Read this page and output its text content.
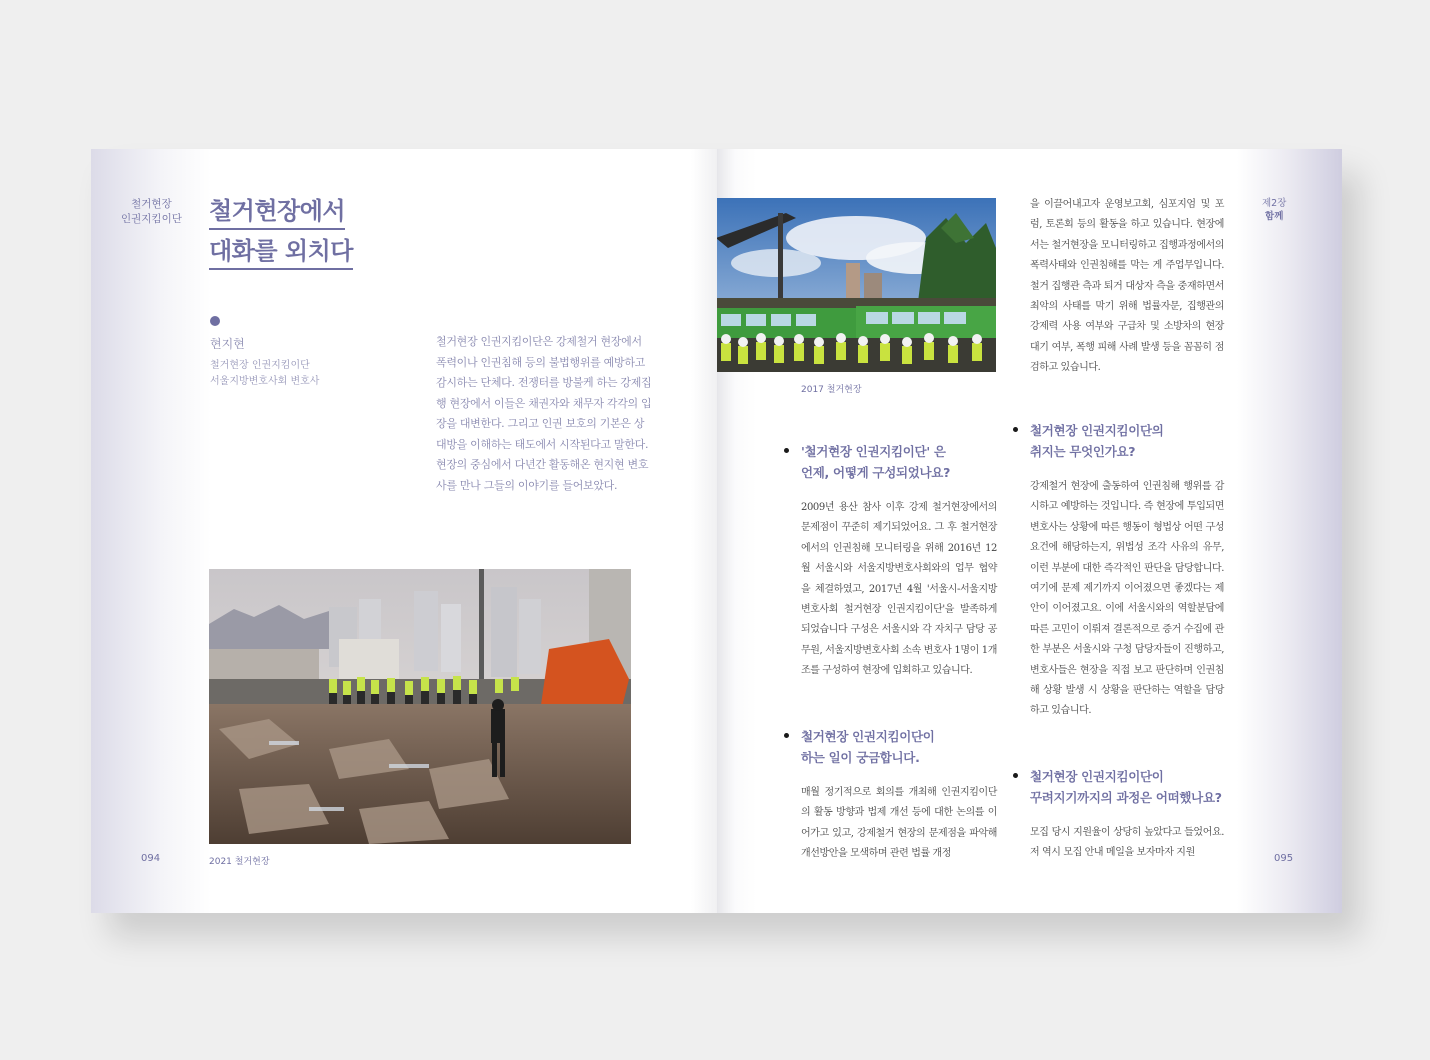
철거현장
인권지킴이단 철거현장에서
대화를 외치다
현지현
철거현장 인권지킴이단
서울지방변호사회 변호사

철거현장 인권지킴이단은 강제철거 현장에서 폭력이나 인권침해 등의 불법행위를 예방하고 감시하는 단체다. 전쟁터를 방불케 하는 강제집행 현장에서 이들은 채권자와 채무자 각각의 입장을 대변한다. 그리고 인권 보호의 기본은 상대방을 이해하는 태도에서 시작된다고 말한다. 현장의 중심에서 다년간 활동해온 현지현 변호사를 만나 그들의 이야기를 들어보았다.

2021 철거현장
094
2017 철거현장

을 이끌어내고자 운영보고회, 심포지엄 및 포럼, 토론회 등의 활동을 하고 있습니다. 현장에서는 철거현장을 모니터링하고 집행과정에서의 폭력사태와 인권침해를 막는 게 주업무입니다. 철거 집행관 측과 퇴거 대상자 측을 중재하면서 최악의 사태를 막기 위해 법률자문, 집행관의 강제력 사용 여부와 구급차 및 소방차의 현장 대기 여부, 폭행 피해 사례 발생 등을 꼼꼼히 점검하고 있습니다.

'철거현장 인권지킴이단' 은
언제, 어떻게 구성되었나요?

2009년 용산 참사 이후 강제 철거현장에서의 문제점이 꾸준히 제기되었어요. 그 후 철거현장에서의 인권침해 모니터링을 위해 2016년 12월 서울시와 서울지방변호사회와의 업무 협약을 체결하였고, 2017년 4월 '서울시-서울지방변호사회 철거현장 인권지킴이단'을 발족하게 되었습니다 구성은 서울시와 각 자치구 담당 공무원, 서울지방변호사회 소속 변호사 1명이 1개조를 구성하여 현장에 입회하고 있습니다.

철거현장 인권지킴이단이
하는 일이 궁금합니다.

매월 정기적으로 회의를 개최해 인권지킴이단의 활동 방향과 법제 개선 등에 대한 논의를 이어가고 있고, 강제철거 현장의 문제점을 파악해 개선방안을 모색하며 관련 법률 개정

철거현장 인권지킴이단의
취지는 무엇인가요?

강제철거 현장에 출동하여 인권침해 행위를 감시하고 예방하는 것입니다. 즉 현장에 투입되면 변호사는 상황에 따른 행동이 형법상 어떤 구성요건에 해당하는지, 위법성 조각 사유의 유무, 이런 부분에 대한 즉각적인 판단을 담당합니다. 여기에 문제 제기까지 이어졌으면 좋겠다는 제안이 이어졌고요. 이에 서울시와의 역할분담에 따른 고민이 이뤄져 결론적으로 증거 수집에 관한 부분은 서울시와 구청 담당자들이 진행하고, 변호사들은 현장을 직접 보고 판단하며 인권침해 상황 발생 시 상황을 판단하는 역할을 담당하고 있습니다.

철거현장 인권지킴이단이
꾸려지기까지의 과정은 어떠했나요?

모집 당시 지원율이 상당히 높았다고 들었어요. 저 역시 모집 안내 메일을 보자마자 지원

제2장
함께
095
